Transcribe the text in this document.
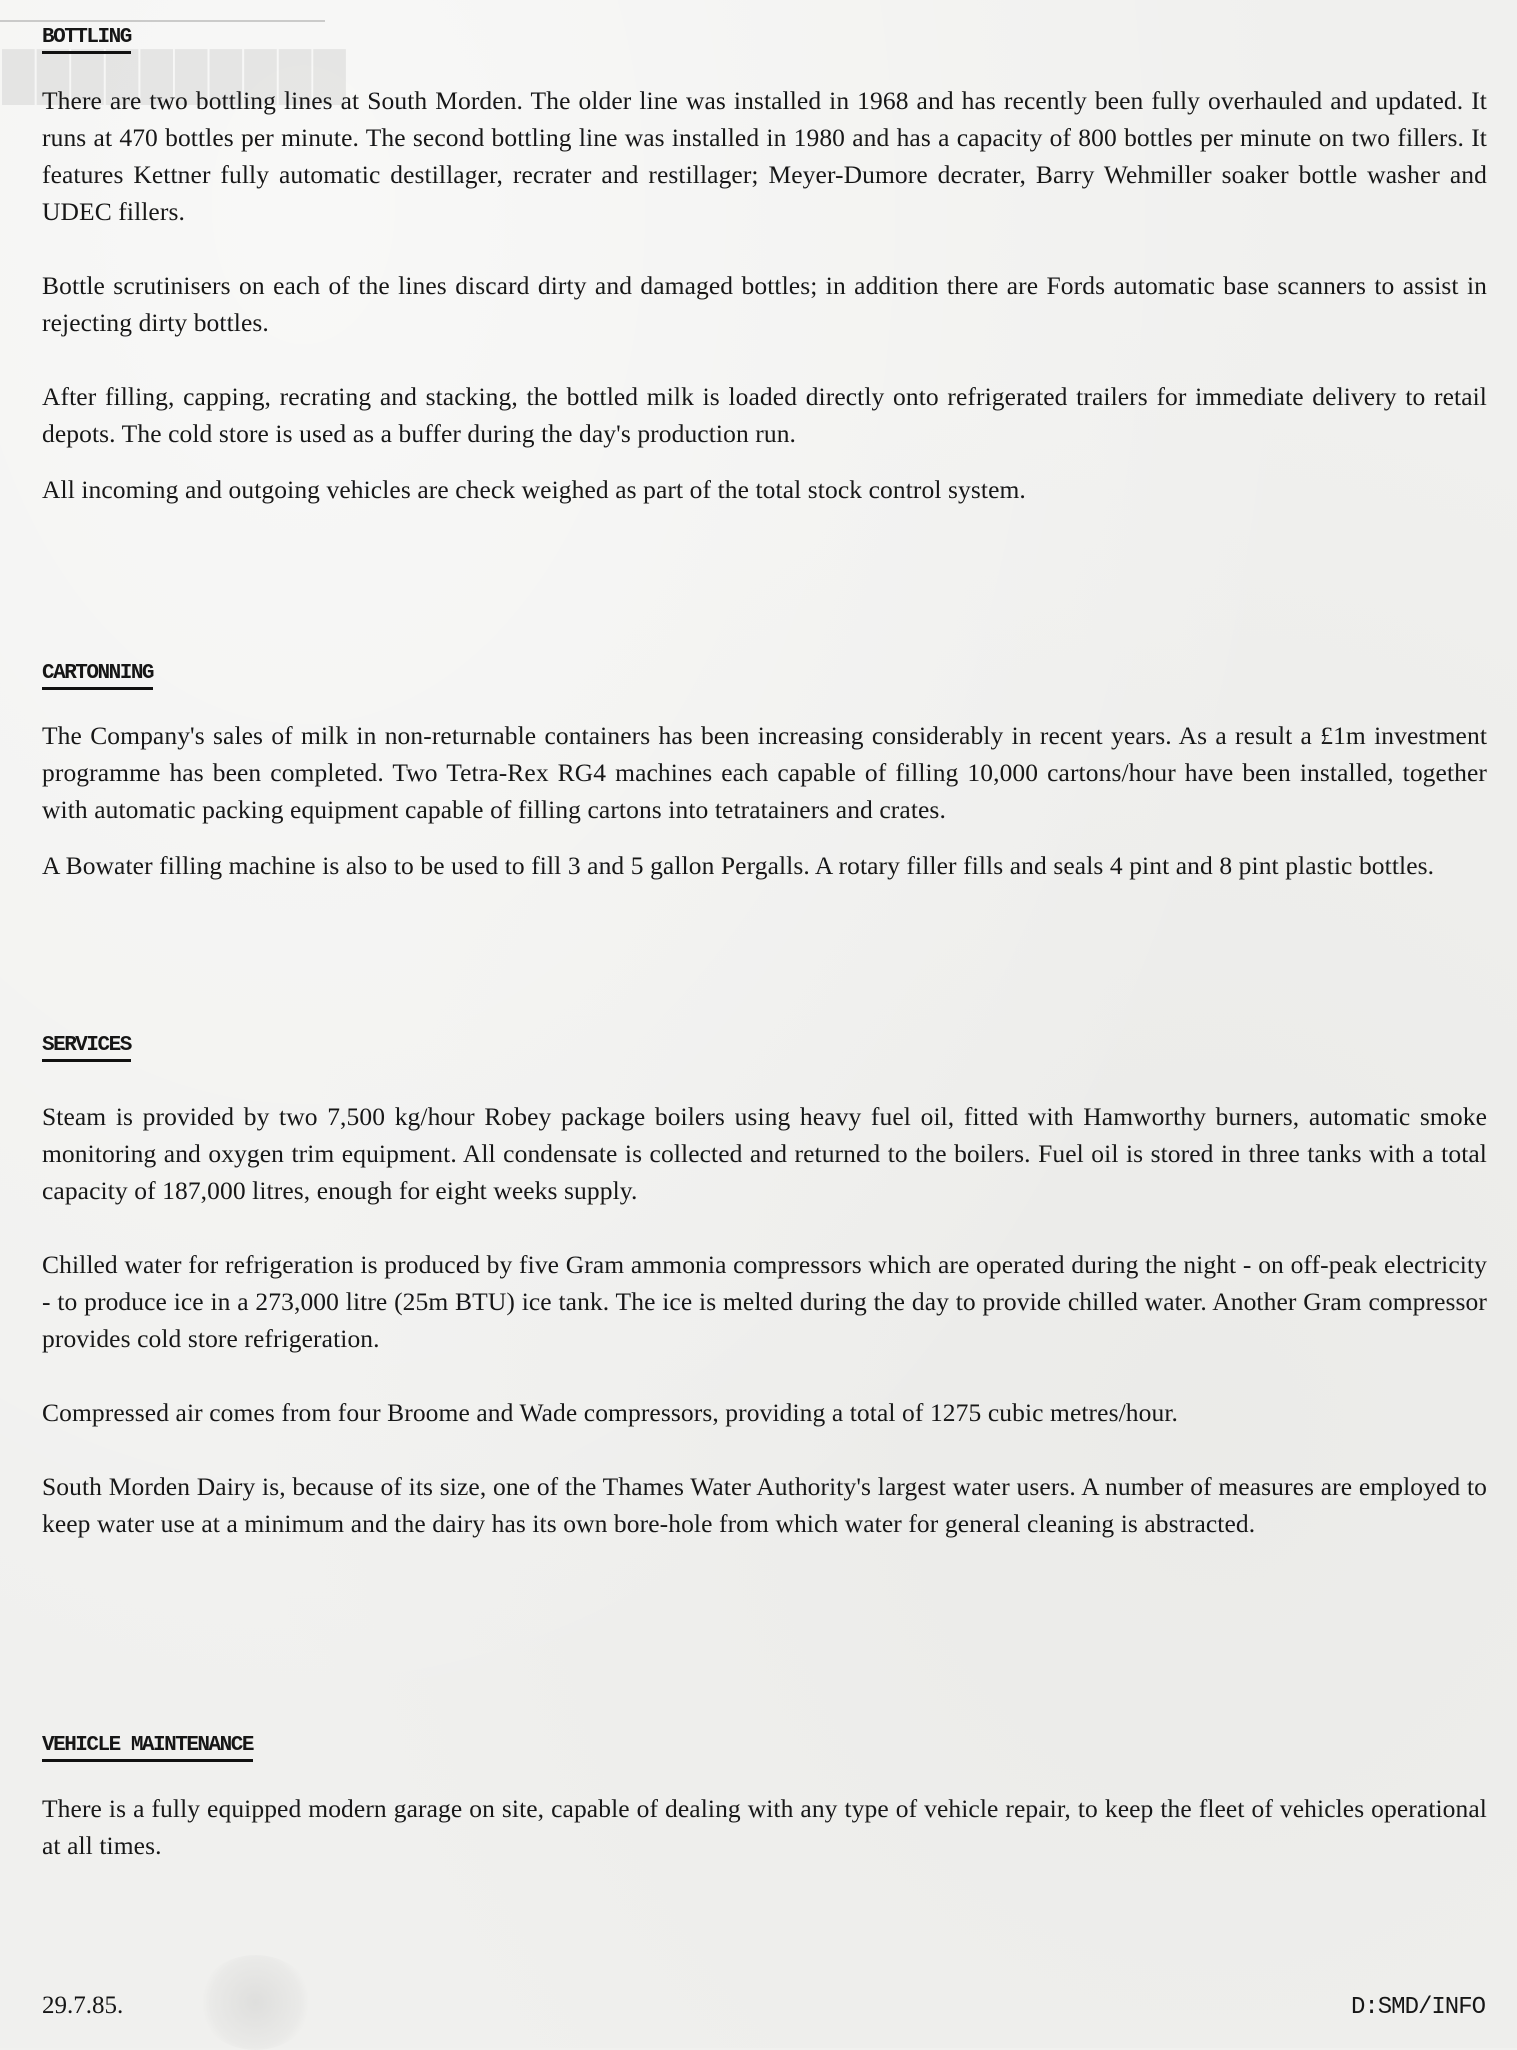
BOTTLING

There are two bottling lines at South Morden. The older line was installed in 1968 and has recently been fully overhauled and updated. It runs at 470 bottles per minute. The second bottling line was installed in 1980 and has a capacity of 800 bottles per minute on two fillers. It features Kettner fully automatic destillager, recrater and restillager; Meyer-Dumore decrater, Barry Wehmiller soaker bottle washer and UDEC fillers.

Bottle scrutinisers on each of the lines discard dirty and damaged bottles; in addition there are Fords automatic base scanners to assist in rejecting dirty bottles.

After filling, capping, recrating and stacking, the bottled milk is loaded directly onto refrigerated trailers for immediate delivery to retail depots. The cold store is used as a buffer during the day's production run.

All incoming and outgoing vehicles are check weighed as part of the total stock control system.

CARTONNING

The Company's sales of milk in non-returnable containers has been increasing considerably in recent years. As a result a £1m investment programme has been completed. Two Tetra-Rex RG4 machines each capable of filling 10,000 cartons/hour have been installed, together with automatic packing equipment capable of filling cartons into tetratainers and crates.

A Bowater filling machine is also to be used to fill 3 and 5 gallon Pergalls. A rotary filler fills and seals 4 pint and 8 pint plastic bottles.

SERVICES

Steam is provided by two 7,500 kg/hour Robey package boilers using heavy fuel oil, fitted with Hamworthy burners, automatic smoke monitoring and oxygen trim equipment. All condensate is collected and returned to the boilers. Fuel oil is stored in three tanks with a total capacity of 187,000 litres, enough for eight weeks supply.

Chilled water for refrigeration is produced by five Gram ammonia compressors which are operated during the night - on off-peak electricity - to produce ice in a 273,000 litre (25m BTU) ice tank. The ice is melted during the day to provide chilled water. Another Gram compressor provides cold store refrigeration.

Compressed air comes from four Broome and Wade compressors, providing a total of 1275 cubic metres/hour.

South Morden Dairy is, because of its size, one of the Thames Water Authority's largest water users. A number of measures are employed to keep water use at a minimum and the dairy has its own bore-hole from which water for general cleaning is abstracted.

VEHICLE MAINTENANCE

There is a fully equipped modern garage on site, capable of dealing with any type of vehicle repair, to keep the fleet of vehicles operational at all times.

29.7.85.	D:SMD/INFO
